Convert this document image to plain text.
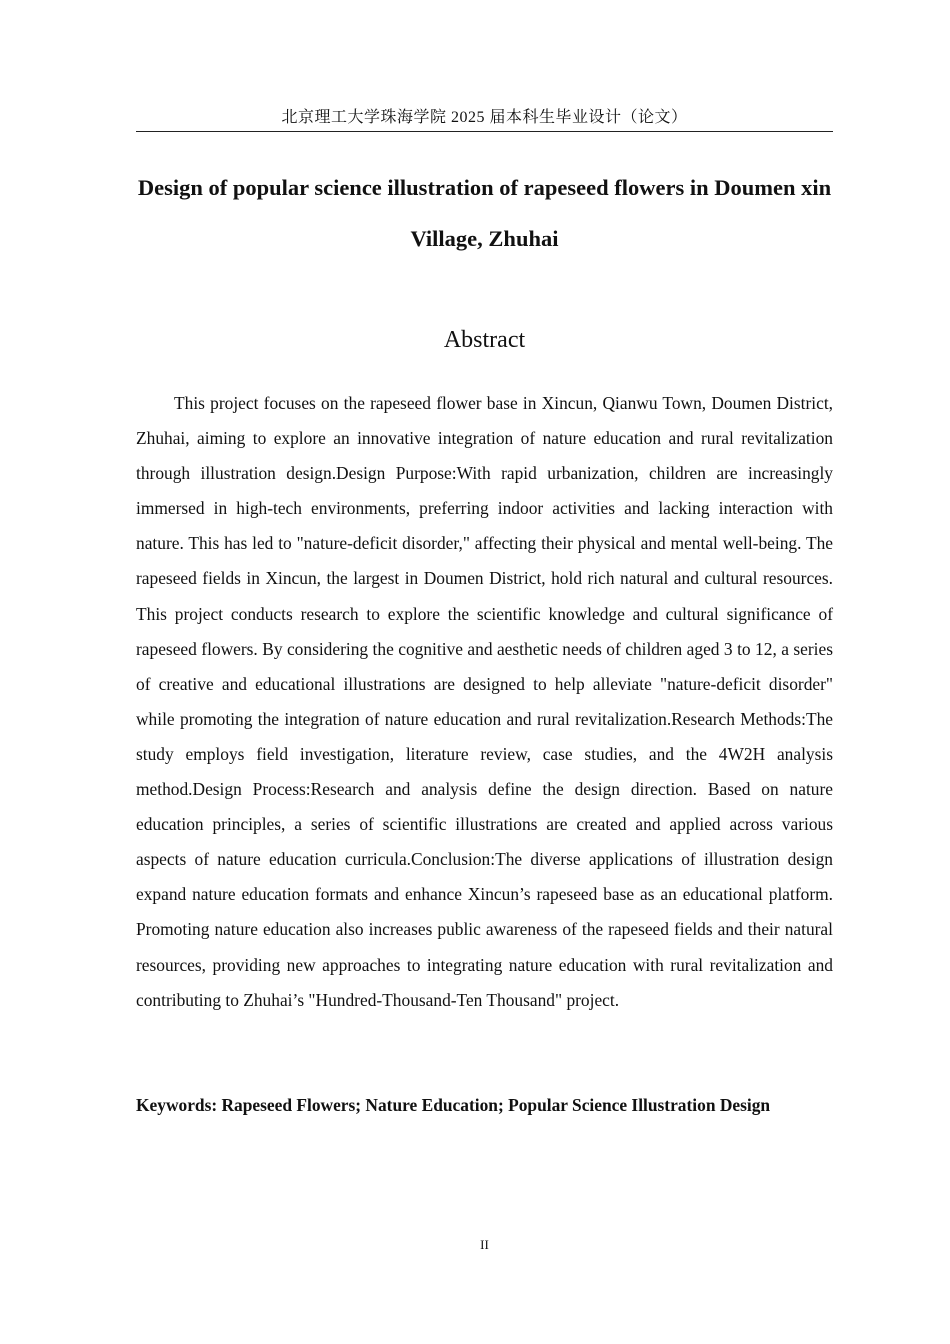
北京理工大学珠海学院 2025 届本科生毕业设计（论文）
Design of popular science illustration of rapeseed flowers in Doumen xin Village, Zhuhai
Abstract

This project focuses on the rapeseed flower base in Xincun, Qianwu Town, Doumen District, Zhuhai, aiming to explore an innovative integration of nature education and rural revitalization through illustration design.Design Purpose:With rapid urbanization, children are increasingly immersed in high-tech environments, preferring indoor activities and lacking interaction with nature. This has led to "nature-deficit disorder," affecting their physical and mental well-being. The rapeseed fields in Xincun, the largest in Doumen District, hold rich natural and cultural resources. This project conducts research to explore the scientific knowledge and cultural significance of rapeseed flowers. By considering the cognitive and aesthetic needs of children aged 3 to 12, a series of creative and educational illustrations are designed to help alleviate "nature-deficit disorder" while promoting the integration of nature education and rural revitalization.Research Methods:The study employs field investigation, literature review, case studies, and the 4W2H analysis method.Design Process:Research and analysis define the design direction. Based on nature education principles, a series of scientific illustrations are created and applied across various aspects of nature education curricula.Conclusion:The diverse applications of illustration design expand nature education formats and enhance Xincun’s rapeseed base as an educational platform. Promoting nature education also increases public awareness of the rapeseed fields and their natural resources, providing new approaches to integrating nature education with rural revitalization and contributing to Zhuhai’s "Hundred-Thousand-Ten Thousand" project.

Keywords: Rapeseed Flowers; Nature Education; Popular Science Illustration Design

II
